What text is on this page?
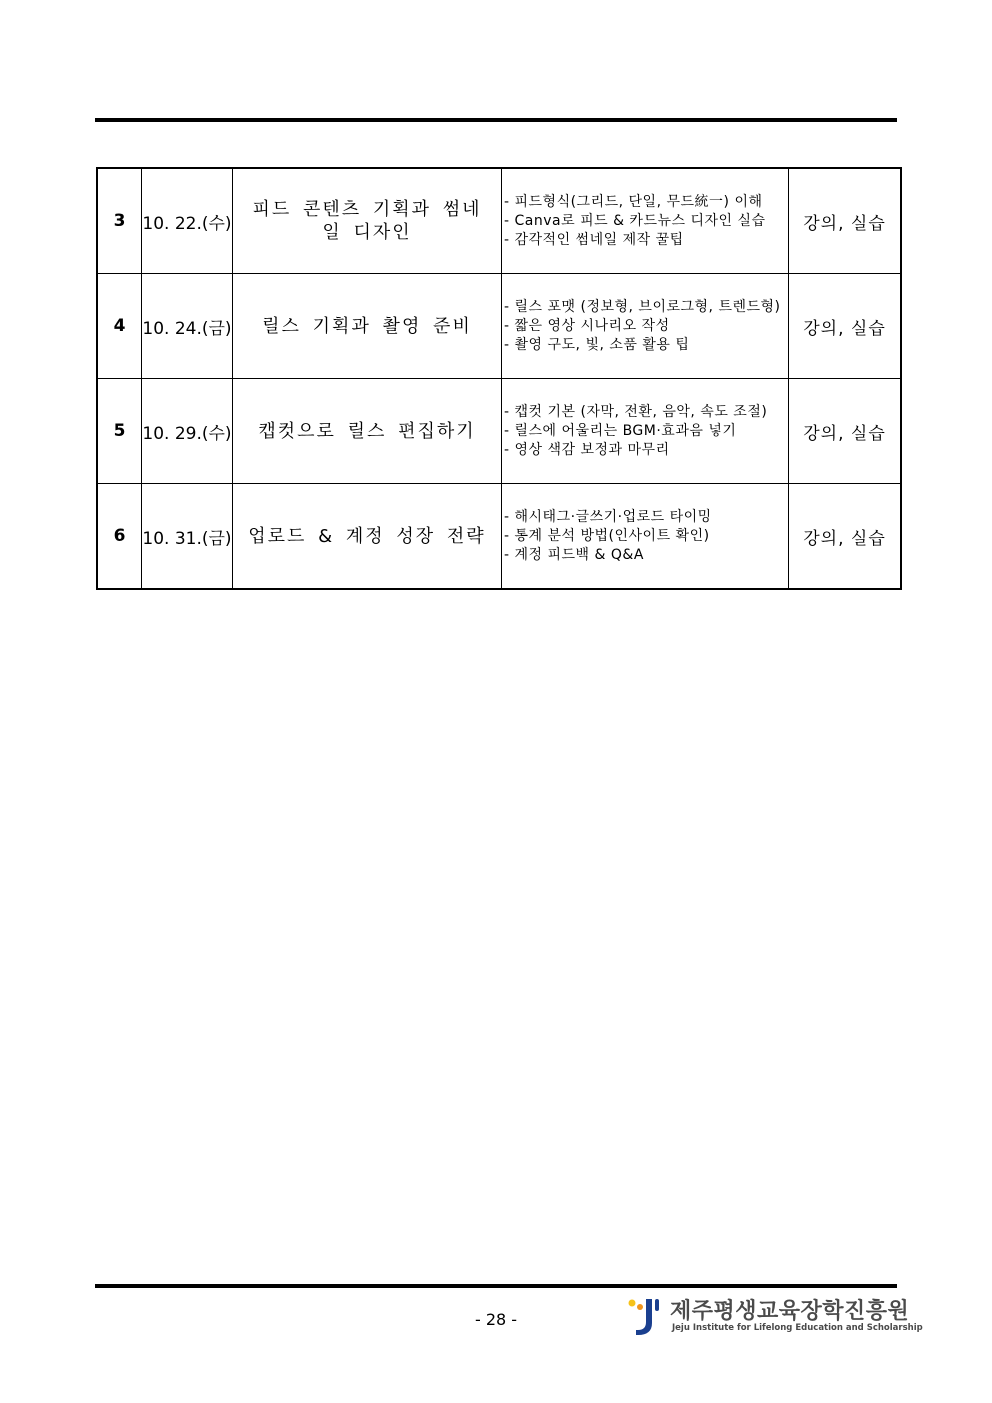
3	10. 22.(수)	피드 콘텐츠 기획과 썸네일 디자인	- 피드형식(그리드, 단일, 무드統一) 이해
- Canva로 피드 & 카드뉴스 디자인 실습
- 감각적인 썸네일 제작 꿀팁	강의, 실습
4	10. 24.(금)	릴스 기획과 촬영 준비	- 릴스 포맷 (정보형, 브이로그형, 트렌드형)
- 짧은 영상 시나리오 작성
- 촬영 구도, 빛, 소품 활용 팁	강의, 실습
5	10. 29.(수)	캡컷으로 릴스 편집하기	- 캡컷 기본 (자막, 전환, 음악, 속도 조절)
- 릴스에 어울리는 BGM·효과음 넣기
- 영상 색감 보정과 마무리	강의, 실습
6	10. 31.(금)	업로드 & 계정 성장 전략	- 해시태그·글쓰기·업로드 타이밍
- 통계 분석 방법(인사이트 확인)
- 계정 피드백 & Q&A	강의, 실습
- 28 -	제주평생교육장학진흥원
Jeju Institute for Lifelong Education and Scholarship
